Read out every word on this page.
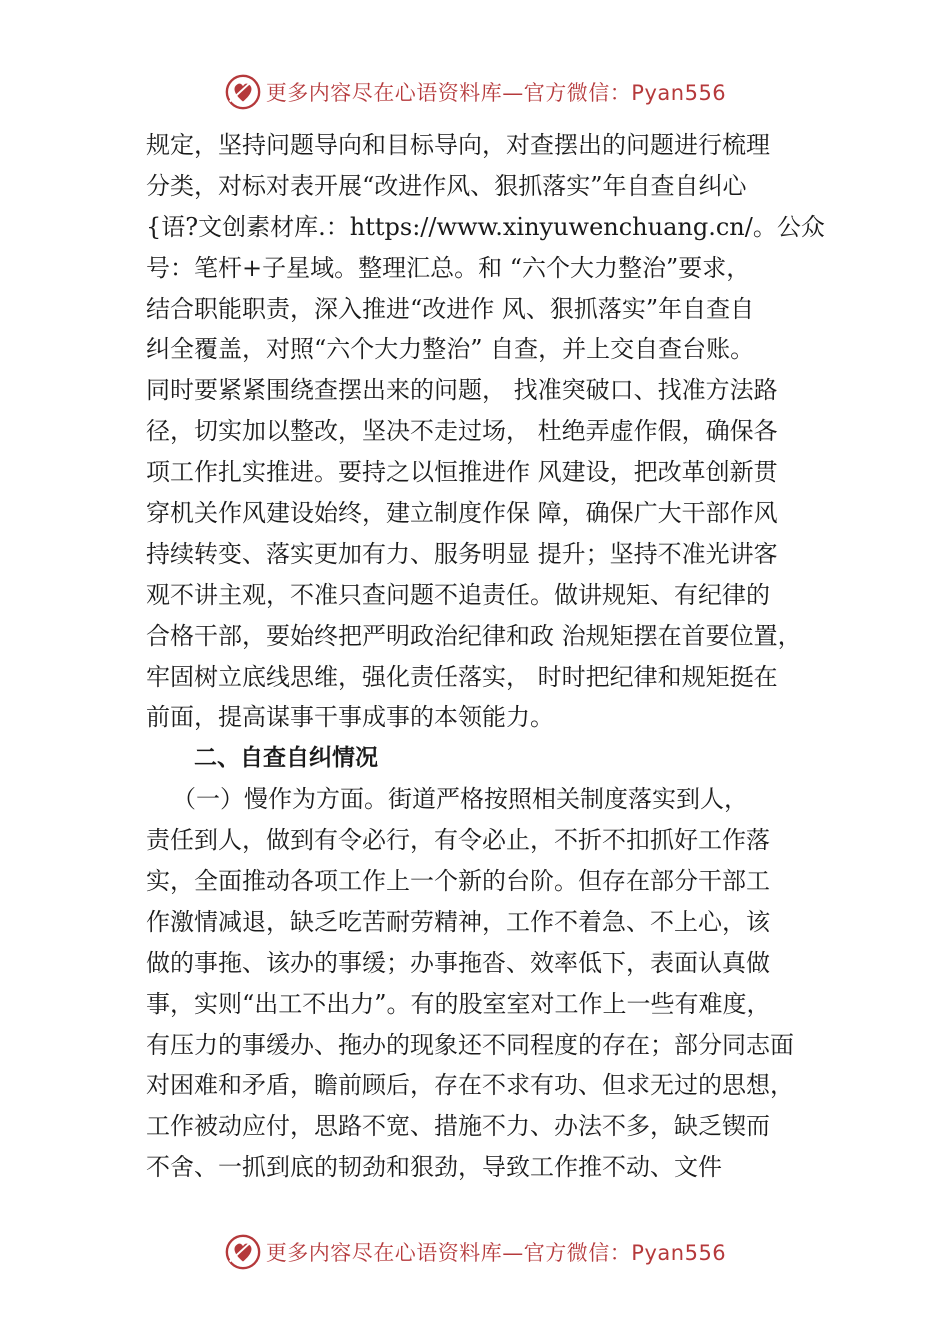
更多内容尽在心语资料库—官方微信：Pyan556
规定，坚持问题导向和目标导向，对查摆出的问题进行梳理
分类，对标对表开展“改进作风、狠抓落实”年自查自纠心
{语?文创素材库.：https://www.xinyuwenchuang.cn/。公众
号：笔杆+子星域。整理汇总。和 “六个大力整治”要求，
结合职能职责，深入推进“改进作 风、狠抓落实”年自查自
纠全覆盖，对照“六个大力整治” 自查，并上交自查台账。
同时要紧紧围绕查摆出来的问题， 找准突破口、找准方法路
径，切实加以整改，坚决不走过场， 杜绝弄虚作假，确保各
项工作扎实推进。要持之以恒推进作 风建设，把改革创新贯
穿机关作风建设始终，建立制度作保 障，确保广大干部作风
持续转变、落实更加有力、服务明显 提升；坚持不准光讲客
观不讲主观，不准只查问题不追责任。做讲规矩、有纪律的
合格干部，要始终把严明政治纪律和政 治规矩摆在首要位置，
牢固树立底线思维，强化责任落实， 时时把纪律和规矩挺在
前面，提高谋事干事成事的本领能力。
二、自查自纠情况
（一）慢作为方面。街道严格按照相关制度落实到人，
责任到人，做到有令必行，有令必止，不折不扣抓好工作落
实，全面推动各项工作上一个新的台阶。但存在部分干部工
作激情减退，缺乏吃苦耐劳精神，工作不着急、不上心，该
做的事拖、该办的事缓；办事拖沓、效率低下，表面认真做
事，实则“出工不出力”。有的股室室对工作上一些有难度，
有压力的事缓办、拖办的现象还不同程度的存在；部分同志面
对困难和矛盾，瞻前顾后，存在不求有功、但求无过的思想，
工作被动应付，思路不宽、措施不力、办法不多，缺乏锲而
不舍、一抓到底的韧劲和狠劲，导致工作推不动、文件
更多内容尽在心语资料库—官方微信：Pyan556
